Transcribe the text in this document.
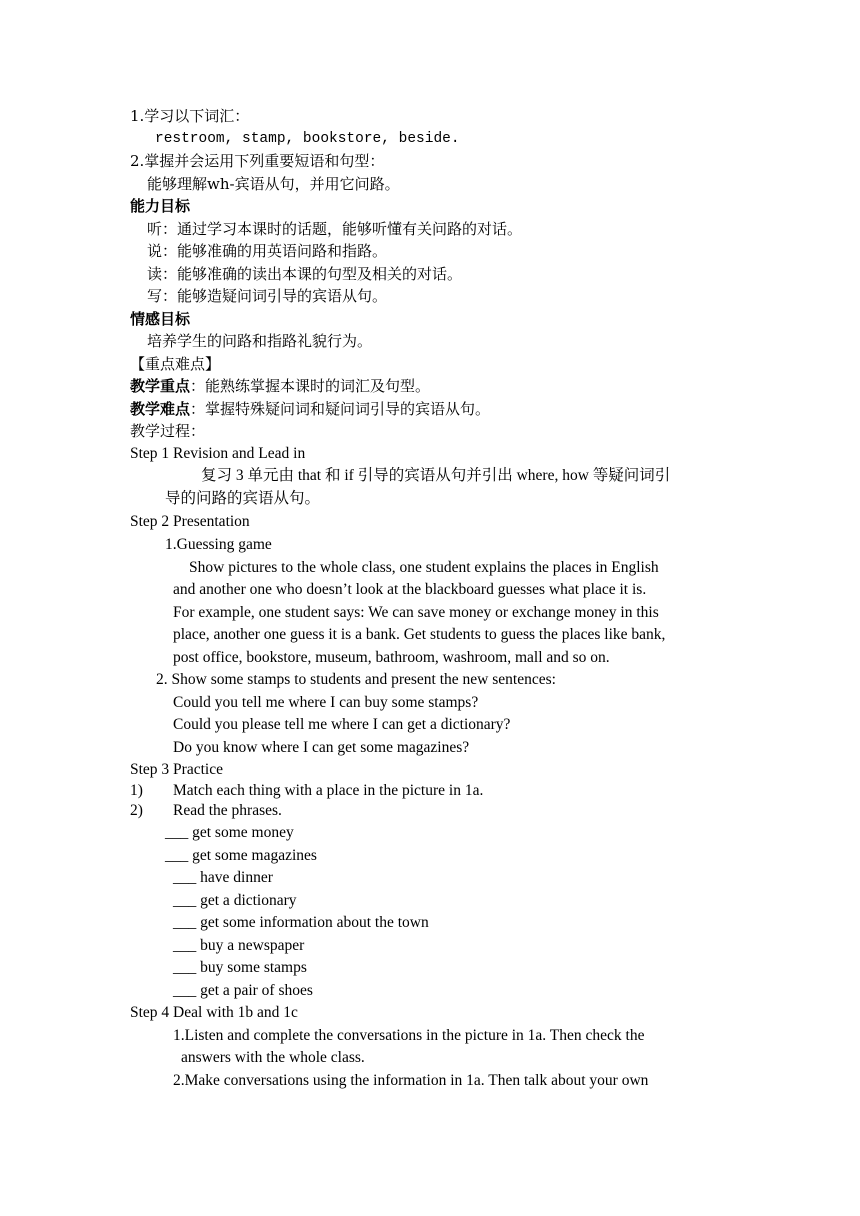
1.学习以下词汇：
restroom, stamp, bookstore, beside.
2.掌握并会运用下列重要短语和句型：
能够理解wh-宾语从句，并用它问路。
能力目标
听：通过学习本课时的话题，能够听懂有关问路的对话。
说：能够准确的用英语问路和指路。
读：能够准确的读出本课的句型及相关的对话。
写：能够造疑问词引导的宾语从句。
情感目标
培养学生的问路和指路礼貌行为。
【重点难点】
教学重点：能熟练掌握本课时的词汇及句型。
教学难点：掌握特殊疑问词和疑问词引导的宾语从句。
教学过程：
Step 1 Revision and Lead in
复习 3 单元由 that 和 if 引导的宾语从句并引出 where, how 等疑问词引
导的问路的宾语从句。
Step 2 Presentation
1.Guessing game
Show pictures to the whole class, one student explains the places in English
and another one who doesn’t look at the blackboard guesses what place it is.
For example, one student says: We can save money or exchange money in this
place, another one guess it is a bank. Get students to guess the places like bank,
post office, bookstore, museum, bathroom, washroom, mall and so on.
2. Show some stamps to students and present the new sentences:
Could you tell me where I can buy some stamps?
Could you please tell me where I can get a dictionary?
Do you know where I can get some magazines?
Step 3 Practice
1) Match each thing with a place in the picture in 1a.
2) Read the phrases.
___ get some money
___ get some magazines
___ have dinner
___ get a dictionary
___ get some information about the town
___ buy a newspaper
___ buy some stamps
___ get a pair of shoes
Step 4 Deal with 1b and 1c
1.Listen and complete the conversations in the picture in 1a. Then check the
answers with the whole class.
2.Make conversations using the information in 1a. Then talk about your own
